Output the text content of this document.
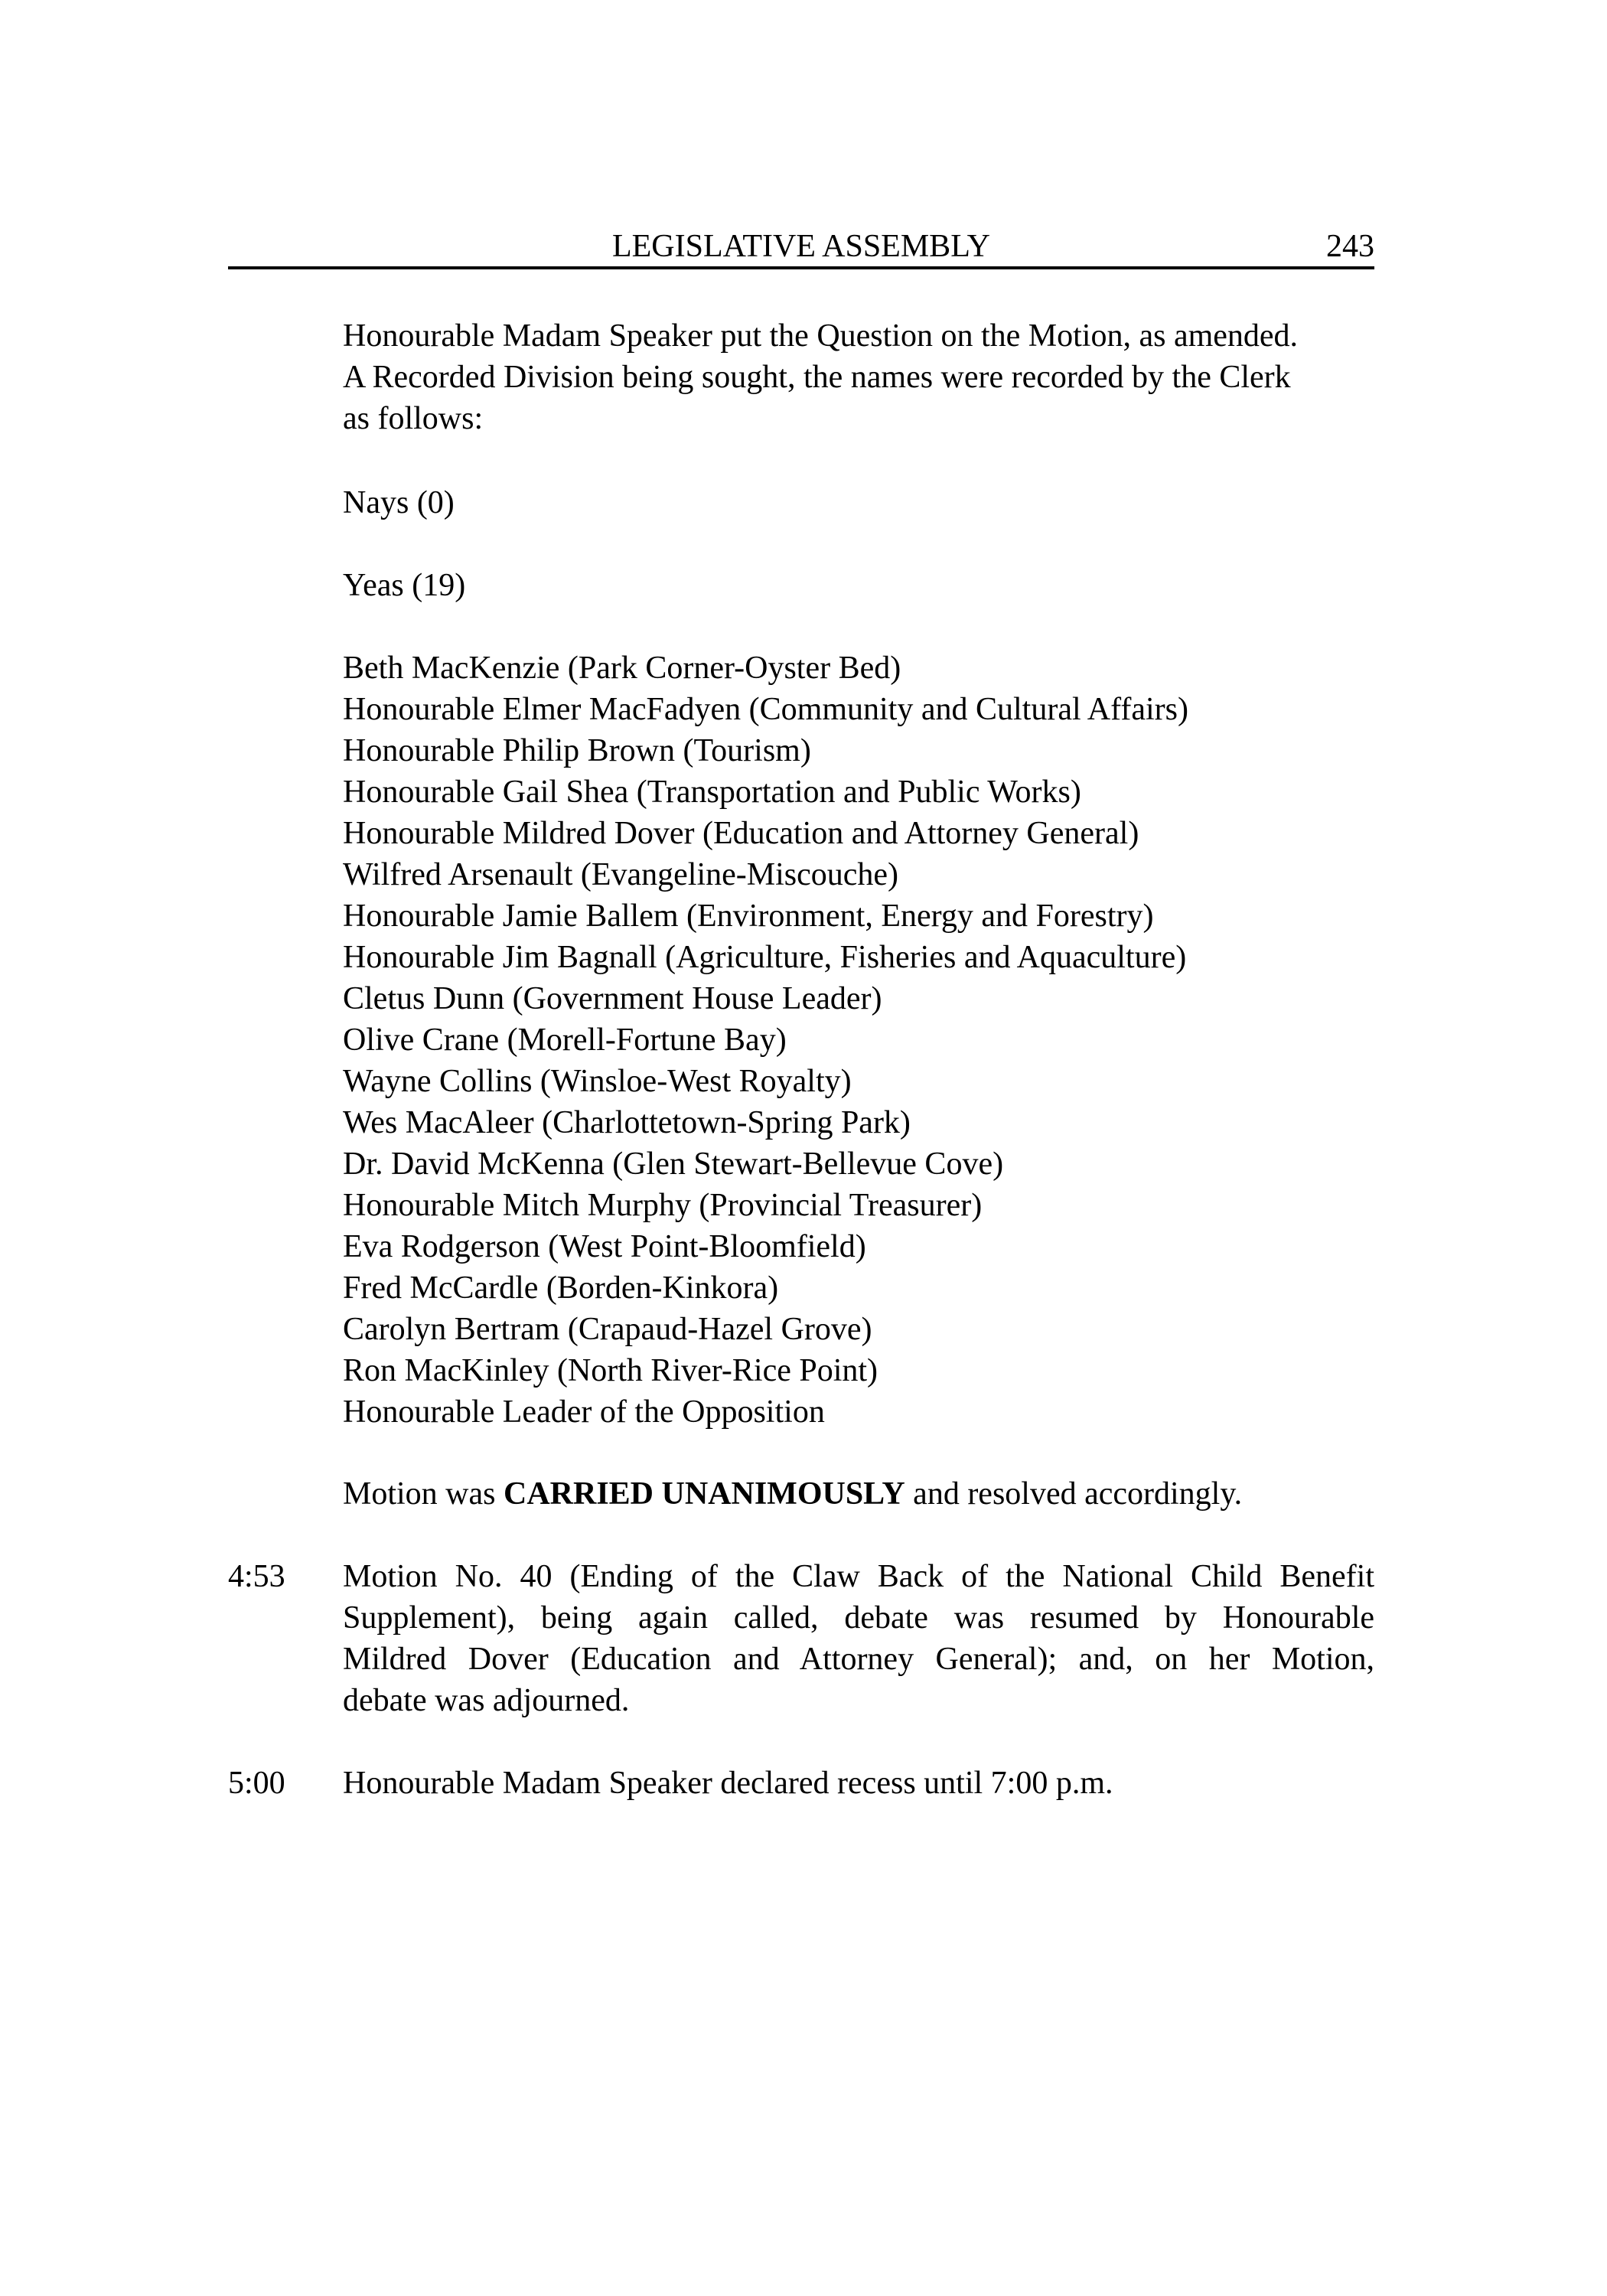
LEGISLATIVE ASSEMBLY	243
Honourable Madam Speaker put the Question on the Motion, as amended.
A Recorded Division being sought, the names were recorded by the Clerk
as follows:
Nays (0)
Yeas (19)
Beth MacKenzie (Park Corner-Oyster Bed)
Honourable Elmer MacFadyen (Community and Cultural Affairs)
Honourable Philip Brown (Tourism)
Honourable Gail Shea (Transportation and Public Works)
Honourable Mildred Dover (Education and Attorney General)
Wilfred Arsenault (Evangeline-Miscouche)
Honourable Jamie Ballem (Environment, Energy and Forestry)
Honourable Jim Bagnall (Agriculture, Fisheries and Aquaculture)
Cletus Dunn (Government House Leader)
Olive Crane (Morell-Fortune Bay)
Wayne Collins (Winsloe-West Royalty)
Wes MacAleer (Charlottetown-Spring Park)
Dr. David McKenna (Glen Stewart-Bellevue Cove)
Honourable Mitch Murphy (Provincial Treasurer)
Eva Rodgerson (West Point-Bloomfield)
Fred McCardle (Borden-Kinkora)
Carolyn Bertram (Crapaud-Hazel Grove)
Ron MacKinley (North River-Rice Point)
Honourable Leader of the Opposition
Motion was CARRIED UNANIMOUSLY and resolved accordingly.
4:53 Motion No. 40 (Ending of the Claw Back of the National Child Benefit
Supplement), being again called, debate was resumed by Honourable
Mildred Dover (Education and Attorney General); and, on her Motion,
debate was adjourned.
5:00 Honourable Madam Speaker declared recess until 7:00 p.m.
